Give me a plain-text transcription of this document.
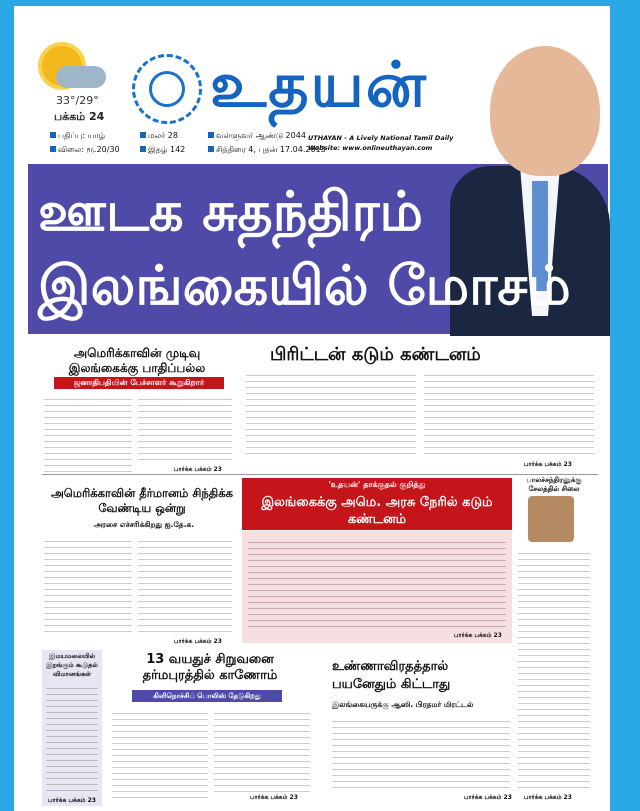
33°/29°
பக்கம் 24 உதயன்
பதிப்பு: யாழ்
விலை: ரூ.20/30
மலர் 28
இதழ் 142
வள்ளுவர் ஆண்டு 2044
சித்திரை 4, புதன் 17.04.2013
UTHAYAN - A Lively National Tamil Daily
Website: www.onlineuthayan.com
ஊடக சுதந்திரம்
இலங்கையில் மோசம்
அமெரிக்காவின் முடிவு இலங்கைக்கு பாதிப்பல்ல
ஜனாதிபதியின் பேச்சாளர் கூறுகிறார்
பார்க்க பக்கம் 23
பிரிட்டன் கடும் கண்டனம்
பார்க்க பக்கம் 23
அமெரிக்காவின் தீர்மானம் சிந்திக்க வேண்டிய ஒன்று
அரசை எச்சரிக்கிறது ஐ.தே.க.
பார்க்க பக்கம் 23
'உதயன்' தாக்குதல் குறித்து
இலங்கைக்கு அமெ. அரசு நேரில் கடும் கண்டனம்
பார்க்க பக்கம் 23
பாலச்சந்திரனுக்கு சேலத்தில் சிலை
பார்க்க பக்கம் 23
இமயமலையில் இறங்கும் கூடுதல் விமானங்கள்
பார்க்க பக்கம் 23
13 வயதுச் சிறுவனை தர்மபுரத்தில் காணோம்
கிளிநொச்சிப் பொலிஸ் தேடுகிறது
பார்க்க பக்கம் 23
உண்ணாவிரதத்தால் பயனேதும் கிட்டாது
இலங்கையருக்கு ஆஸி. பிரதமர் மிரட்டல்
பார்க்க பக்கம் 23
